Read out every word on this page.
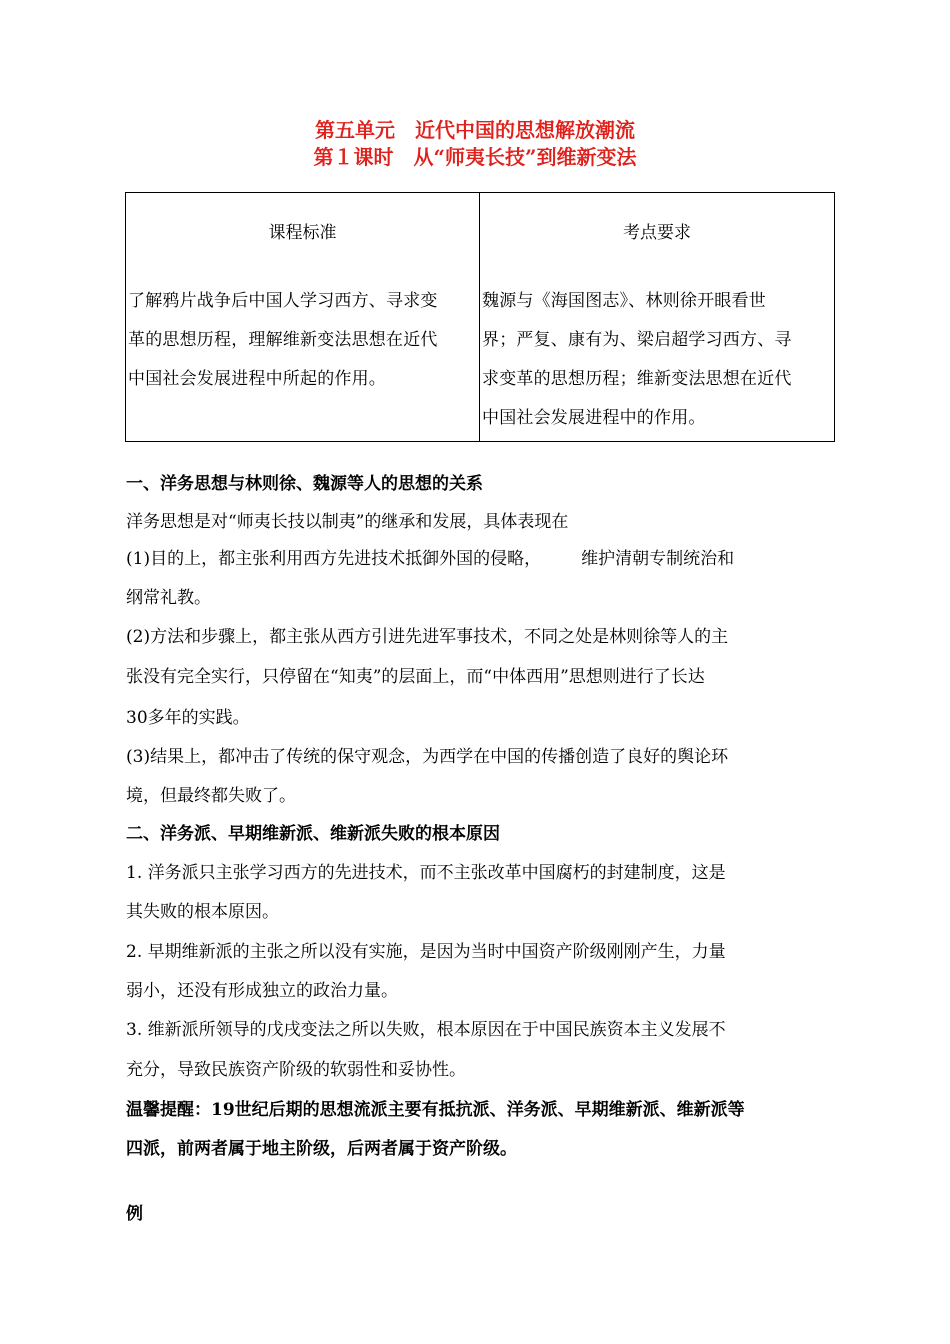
第五单元　近代中国的思想解放潮流
第１课时　从“师夷长技”到维新变法
课程标准	考点要求

了解鸦片战争后中国人学习西方、寻求变
革的思想历程，理解维新变法思想在近代
中国社会发展进程中所起的作用。	魏源与《海国图志》、林则徐开眼看世
界；严复、康有为、梁启超学习西方、寻
求变革的思想历程；维新变法思想在近代
中国社会发展进程中的作用。
一、洋务思想与林则徐、魏源等人的思想的关系
洋务思想是对“师夷长技以制夷”的继承和发展，具体表现在
(1)目的上，都主张利用西方先进技术抵御外国的侵略， 维护清朝专制统治和
纲常礼教。
(2)方法和步骤上，都主张从西方引进先进军事技术，不同之处是林则徐等人的主
张没有完全实行，只停留在“知夷”的层面上，而“中体西用”思想则进行了长达
30多年的实践。
(3)结果上，都冲击了传统的保守观念，为西学在中国的传播创造了良好的舆论环
境，但最终都失败了。
二、洋务派、早期维新派、维新派失败的根本原因
1. 洋务派只主张学习西方的先进技术，而不主张改革中国腐朽的封建制度，这是
其失败的根本原因。
2. 早期维新派的主张之所以没有实施，是因为当时中国资产阶级刚刚产生，力量
弱小，还没有形成独立的政治力量。
3. 维新派所领导的戊戌变法之所以失败，根本原因在于中国民族资本主义发展不
充分，导致民族资产阶级的软弱性和妥协性。
温馨提醒：19世纪后期的思想流派主要有抵抗派、洋务派、早期维新派、维新派等
四派，前两者属于地主阶级，后两者属于资产阶级。
例
